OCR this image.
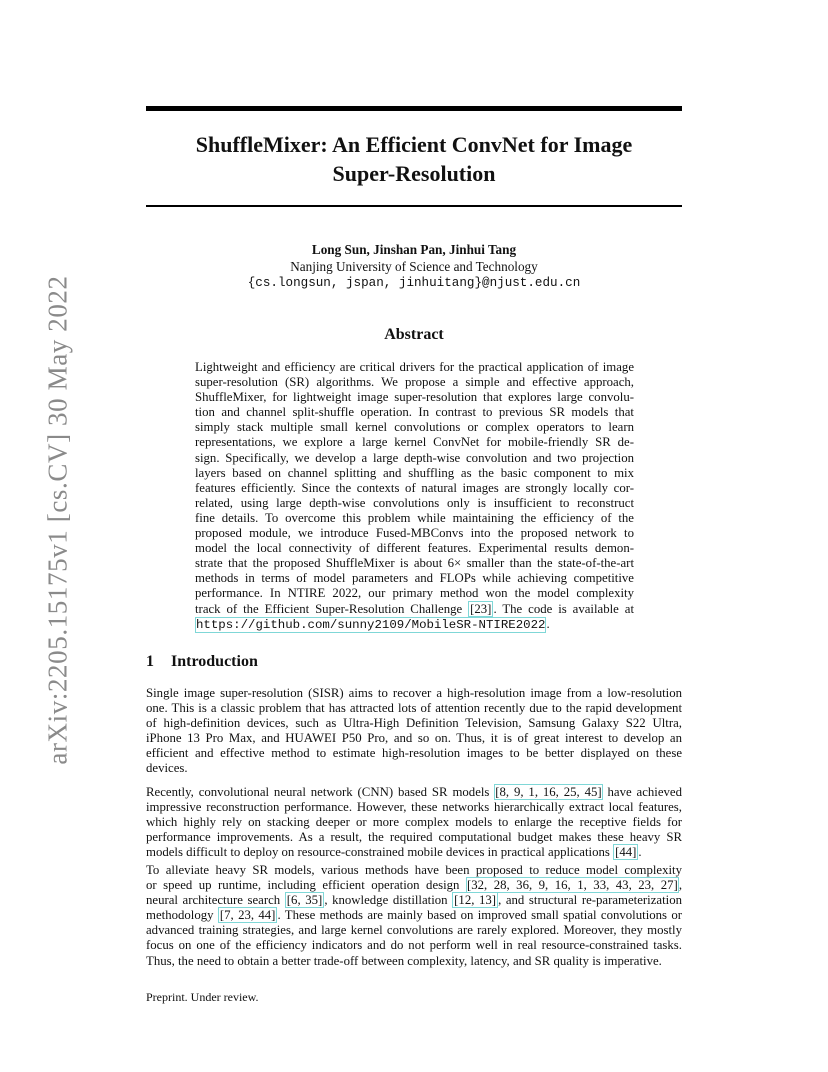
arXiv:2205.15175v1 [cs.CV] 30 May 2022
ShuffleMixer: An Efficient ConvNet for Image
Super-Resolution
Long Sun, Jinshan Pan, Jinhui Tang
Nanjing University of Science and Technology
{cs.longsun, jspan, jinhuitang}@njust.edu.cn
Abstract
Lightweight and efficiency are critical drivers for the practical application of image
super-resolution (SR) algorithms. We propose a simple and effective approach,
ShuffleMixer, for lightweight image super-resolution that explores large convolu-
tion and channel split-shuffle operation. In contrast to previous SR models that
simply stack multiple small kernel convolutions or complex operators to learn
representations, we explore a large kernel ConvNet for mobile-friendly SR de-
sign. Specifically, we develop a large depth-wise convolution and two projection
layers based on channel splitting and shuffling as the basic component to mix
features efficiently. Since the contexts of natural images are strongly locally cor-
related, using large depth-wise convolutions only is insufficient to reconstruct
fine details. To overcome this problem while maintaining the efficiency of the
proposed module, we introduce Fused-MBConvs into the proposed network to
model the local connectivity of different features. Experimental results demon-
strate that the proposed ShuffleMixer is about 6× smaller than the state-of-the-art
methods in terms of model parameters and FLOPs while achieving competitive
performance. In NTIRE 2022, our primary method won the model complexity
track of the Efficient Super-Resolution Challenge [23] . The code is available at
https://github.com/sunny2109/MobileSR-NTIRE2022.
1 Introduction
Single image super-resolution (SISR) aims to recover a high-resolution image from a low-resolution
one. This is a classic problem that has attracted lots of attention recently due to the rapid development
of high-definition devices, such as Ultra-High Definition Television, Samsung Galaxy S22 Ultra,
iPhone 13 Pro Max, and HUAWEI P50 Pro, and so on. Thus, it is of great interest to develop an
efficient and effective method to estimate high-resolution images to be better displayed on these
devices.
Recently, convolutional neural network (CNN) based SR models [8, 9, 1, 16, 25, 45] have achieved
impressive reconstruction performance. However, these networks hierarchically extract local features,
which highly rely on stacking deeper or more complex models to enlarge the receptive fields for
performance improvements. As a result, the required computational budget makes these heavy SR
models difficult to deploy on resource-constrained mobile devices in practical applications [44] .
To alleviate heavy SR models, various methods have been proposed to reduce model complexity
or speed up runtime, including efficient operation design [32, 28, 36, 9, 16, 1, 33, 43, 23, 27],
neural architecture search [6, 35] , knowledge distillation [12, 13] , and structural re-parameterization
methodology [7, 23, 44] . These methods are mainly based on improved small spatial convolutions or
advanced training strategies, and large kernel convolutions are rarely explored. Moreover, they mostly
focus on one of the efficiency indicators and do not perform well in real resource-constrained tasks.
Thus, the need to obtain a better trade-off between complexity, latency, and SR quality is imperative.
Preprint. Under review.
